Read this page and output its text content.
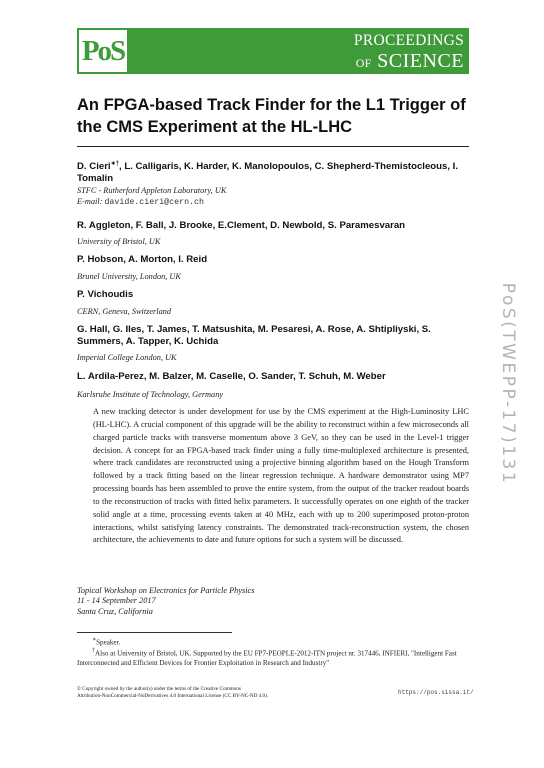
PoS	PROCEEDINGS
OF SCIENCE
An FPGA-based Track Finder for the L1 Trigger of the CMS Experiment at the HL-LHC
D. Cieri∗†, L. Calligaris, K. Harder, K. Manolopoulos, C. Shepherd-Themistocleous, I. Tomalin
STFC - Rutherford Appleton Laboratory, UK
E-mail: davide.cieri@cern.ch
R. Aggleton, F. Ball, J. Brooke, E.Clement, D. Newbold, S. Paramesvaran
University of Bristol, UK
P. Hobson, A. Morton, I. Reid
Brunel University, London, UK
P. Vichoudis
CERN, Geneva, Switzerland
G. Hall, G. Iles, T. James, T. Matsushita, M. Pesaresi, A. Rose, A. Shtipliyski, S. Summers, A. Tapper, K. Uchida
Imperial College London, UK
L. Ardila-Perez, M. Balzer, M. Caselle, O. Sander, T. Schuh, M. Weber
Karlsruhe Institute of Technology, Germany
A new tracking detector is under development for use by the CMS experiment at the High-Luminosity LHC (HL-LHC). A crucial component of this upgrade will be the ability to reconstruct within a few microseconds all charged particle tracks with transverse momentum above 3 GeV, so they can be used in the Level-1 trigger decision. A concept for an FPGA-based track finder using a fully time-multiplexed architecture is presented, where track candidates are reconstructed using a projective binning algorithm based on the Hough Transform followed by a track fitting based on the linear regression technique. A hardware demonstrator using MP7 processing boards has been assembled to prove the entire system, from the output of the tracker readout boards to the reconstruction of tracks with fitted helix parameters. It successfully operates on one eighth of the tracker solid angle at a time, processing events taken at 40 MHz, each with up to 200 superimposed proton-proton interactions, whilst satisfying latency constraints. The demonstrated track-reconstruction system, the chosen architecture, the achievements to date and future options for such a system will be discussed.
Topical Workshop on Electronics for Particle Physics
11 - 14 September 2017
Santa Cruz, California
∗Speaker.
†Also at University of Bristol, UK. Supported by the EU FP7-PEOPLE-2012-ITN project nr. 317446, INFIERI, "Intelligent Fast Interconnected and Efficient Devices for Frontier Exploitation in Research and Industry"
© Copyright owned by the author(s) under the terms of the Creative Commons
Attribution-NonCommercial-NoDerivatives 4.0 International License (CC BY-NC-ND 4.0).
https://pos.sissa.it/
PoS(TWEPP-17)131
